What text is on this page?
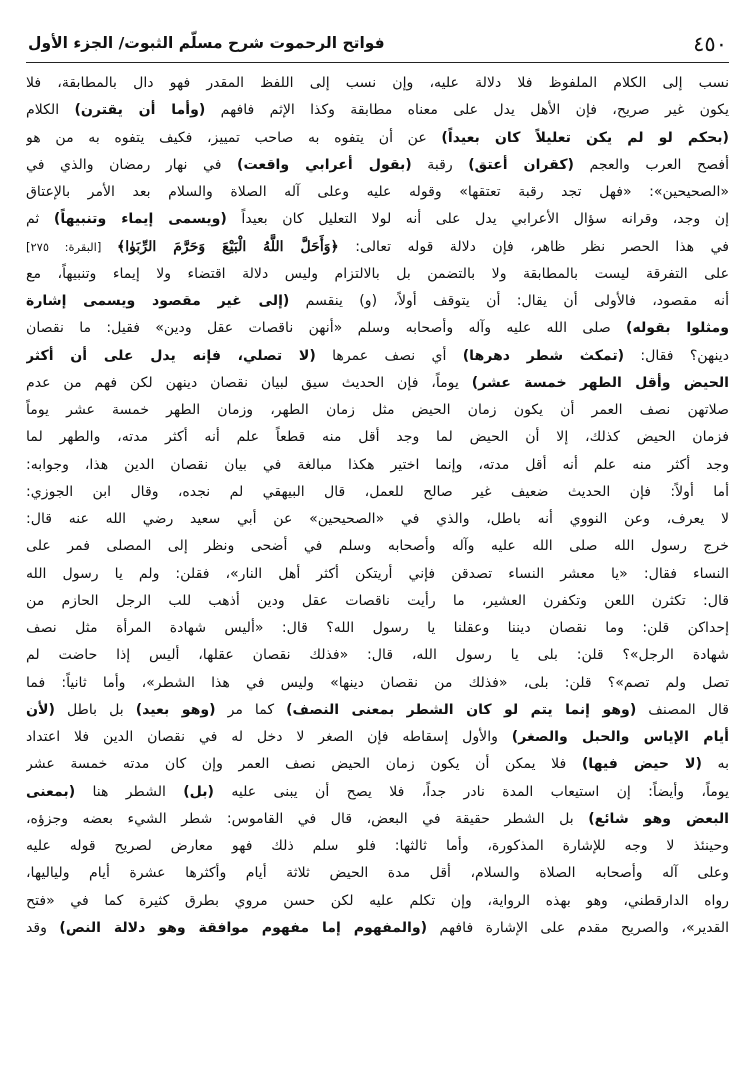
٤٥٠
فواتح الرحموت شرح مسلّم الثبوت/ الجزء الأول
نسب إلى الكلام الملفوظ فلا دلالة عليه، وإن نسب إلى اللفظ المقدر فهو دال بالمطابقة، فلا
يكون غير صريح، فإن الأهل يدل على معناه مطابقة وكذا الإثم فافهم (وأما أن يقترن) الكلام
(بحكم لو لم يكن تعليلاً كان بعيداً) عن أن يتفوه به صاحب تمييز، فكيف يتفوه به من هو
أفصح العرب والعجم (كقران أعتق) رقبة (بقول أعرابي واقعت) في نهار رمضان والذي في
«الصحيحين»: «فهل تجد رقبة تعتقها» وقوله عليه وعلى آله الصلاة والسلام بعد الأمر بالإعتاق
إن وجد، وقرانه سؤال الأعرابي يدل على أنه لولا التعليل كان بعيداً (ويسمى إيماء وتنبيهاً) ثم
في هذا الحصر نظر ظاهر، فإن دلالة قوله تعالى: ﴿وَأَحَلَّ اللَّهُ الْبَيْعَ وَحَرَّمَ الرِّبَوٰا﴾ [البقرة: ٢٧٥]
على التفرقة ليست بالمطابقة ولا بالتضمن بل بالالتزام وليس دلالة اقتضاء ولا إيماء وتنبيهاً، مع
أنه مقصود، فالأولى أن يقال: أن يتوقف أولاً، (و) ينقسم (إلى غير مقصود ويسمى إشارة
ومثلوا بقوله) صلى الله عليه وآله وأصحابه وسلم «أنهن ناقصات عقل ودين» فقيل: ما نقصان
دينهن؟ فقال: (تمكث شطر دهرها) أي نصف عمرها (لا تصلي، فإنه يدل على أن أكثر
الحيض وأقل الطهر خمسة عشر) يوماً، فإن الحديث سيق لبيان نقصان دينهن لكن فهم من عدم
صلاتهن نصف العمر أن يكون زمان الحيض مثل زمان الطهر، وزمان الطهر خمسة عشر يوماً
فزمان الحيض كذلك، إلا أن الحيض لما وجد أقل منه قطعاً علم أنه أكثر مدته، والطهر لما
وجد أكثر منه علم أنه أقل مدته، وإنما اختير هكذا مبالغة في بيان نقصان الدين هذا، وجوابه:
أما أولاً: فإن الحديث ضعيف غير صالح للعمل، قال البيهقي لم نجده، وقال ابن الجوزي:
لا يعرف، وعن النووي أنه باطل، والذي في «الصحيحين» عن أبي سعيد رضي الله عنه قال:
خرج رسول الله صلى الله عليه وآله وأصحابه وسلم في أضحى ونظر إلى المصلى فمر على
النساء فقال: «يا معشر النساء تصدقن فإني أريتكن أكثر أهل النار»، فقلن: ولم يا رسول الله
قال: تكثرن اللعن وتكفرن العشير، ما رأيت ناقصات عقل ودين أذهب للب الرجل الحازم من
إحداكن قلن: وما نقصان ديننا وعقلنا يا رسول الله؟ قال: «أليس شهادة المرأة مثل نصف
شهادة الرجل»؟ قلن: بلى يا رسول الله، قال: «فذلك نقصان عقلها، أليس إذا حاضت لم
تصل ولم تصم»؟ قلن: بلى، «فذلك من نقصان دينها» وليس في هذا الشطر»، وأما ثانياً: فما
قال المصنف (وهو إنما يتم لو كان الشطر بمعنى النصف) كما مر (وهو بعيد) بل باطل (لأن
أيام الإياس والحبل والصغر) والأول إسقاطه فإن الصغر لا دخل له في نقصان الدين فلا اعتداد
به (لا حيض فيها) فلا يمكن أن يكون زمان الحيض نصف العمر وإن كان مدته خمسة عشر
يوماً، وأيضاً: إن استيعاب المدة نادر جداً، فلا يصح أن يبنى عليه (بل) الشطر هنا (بمعنى
البعض وهو شائع) بل الشطر حقيقة في البعض، قال في القاموس: شطر الشيء بعضه وجزؤه،
وحينئذ لا وجه للإشارة المذكورة، وأما ثالثها: فلو سلم ذلك فهو معارض لصريح قوله عليه
وعلى آله وأصحابه الصلاة والسلام، أقل مدة الحيض ثلاثة أيام وأكثرها عشرة أيام ولياليها،
رواه الدارقطني، وهو بهذه الرواية، وإن تكلم عليه لكن حسن مروي بطرق كثيرة كما في «فتح
القدير»، والصريح مقدم على الإشارة فافهم (والمفهوم إما مفهوم موافقة وهو دلالة النص) وقد
